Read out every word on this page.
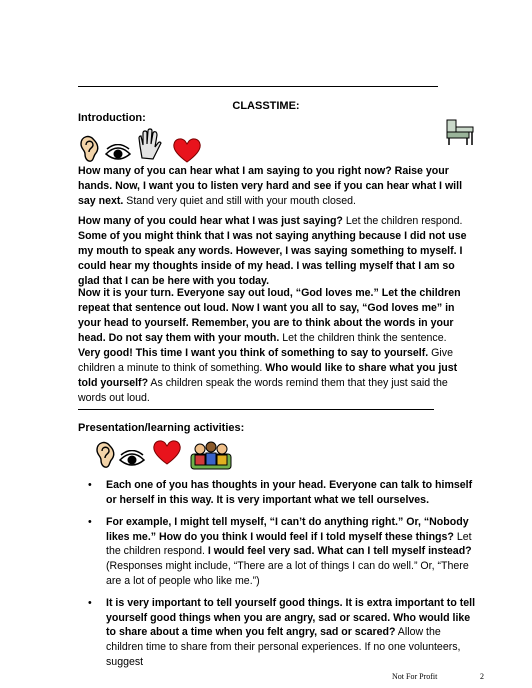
CLASSTIME:
Introduction:

How many of you can hear what I am saying to you right now? Raise your hands. Now, I want you to listen very hard and see if you can hear what I will say next. Stand very quiet and still with your mouth closed.

How many of you could hear what I was just saying? Let the children respond. Some of you might think that I was not saying anything because I did not use my mouth to speak any words. However, I was saying something to myself. I could hear my thoughts inside of my head. I was telling myself that I am so glad that I can be here with you today.

Now it is your turn. Everyone say out loud, “God loves me.” Let the children repeat that sentence out loud. Now I want you all to say, “God loves me” in your head to yourself. Remember, you are to think about the words in your head. Do not say them with your mouth. Let the children think the sentence.

Very good! This time I want you think of something to say to yourself. Give children a minute to think of something. Who would like to share what you just told yourself? As children speak the words remind them that they just said the words out loud.

Presentation/learning activities:
• Each one of you has thoughts in your head. Everyone can talk to himself or herself in this way. It is very important what we tell ourselves.
• For example, I might tell myself, “I can’t do anything right.” Or, “Nobody likes me.” How do you think I would feel if I told myself these things? Let the children respond. I would feel very sad. What can I tell myself instead? (Responses might include, “There are a lot of things I can do well.” Or, “There are a lot of people who like me.”)
• It is very important to tell yourself good things. It is extra important to tell yourself good things when you are angry, sad or scared. Who would like to share about a time when you felt angry, sad or scared? Allow the children time to share from their personal experiences. If no one volunteers, suggest
Not For Profit	2
